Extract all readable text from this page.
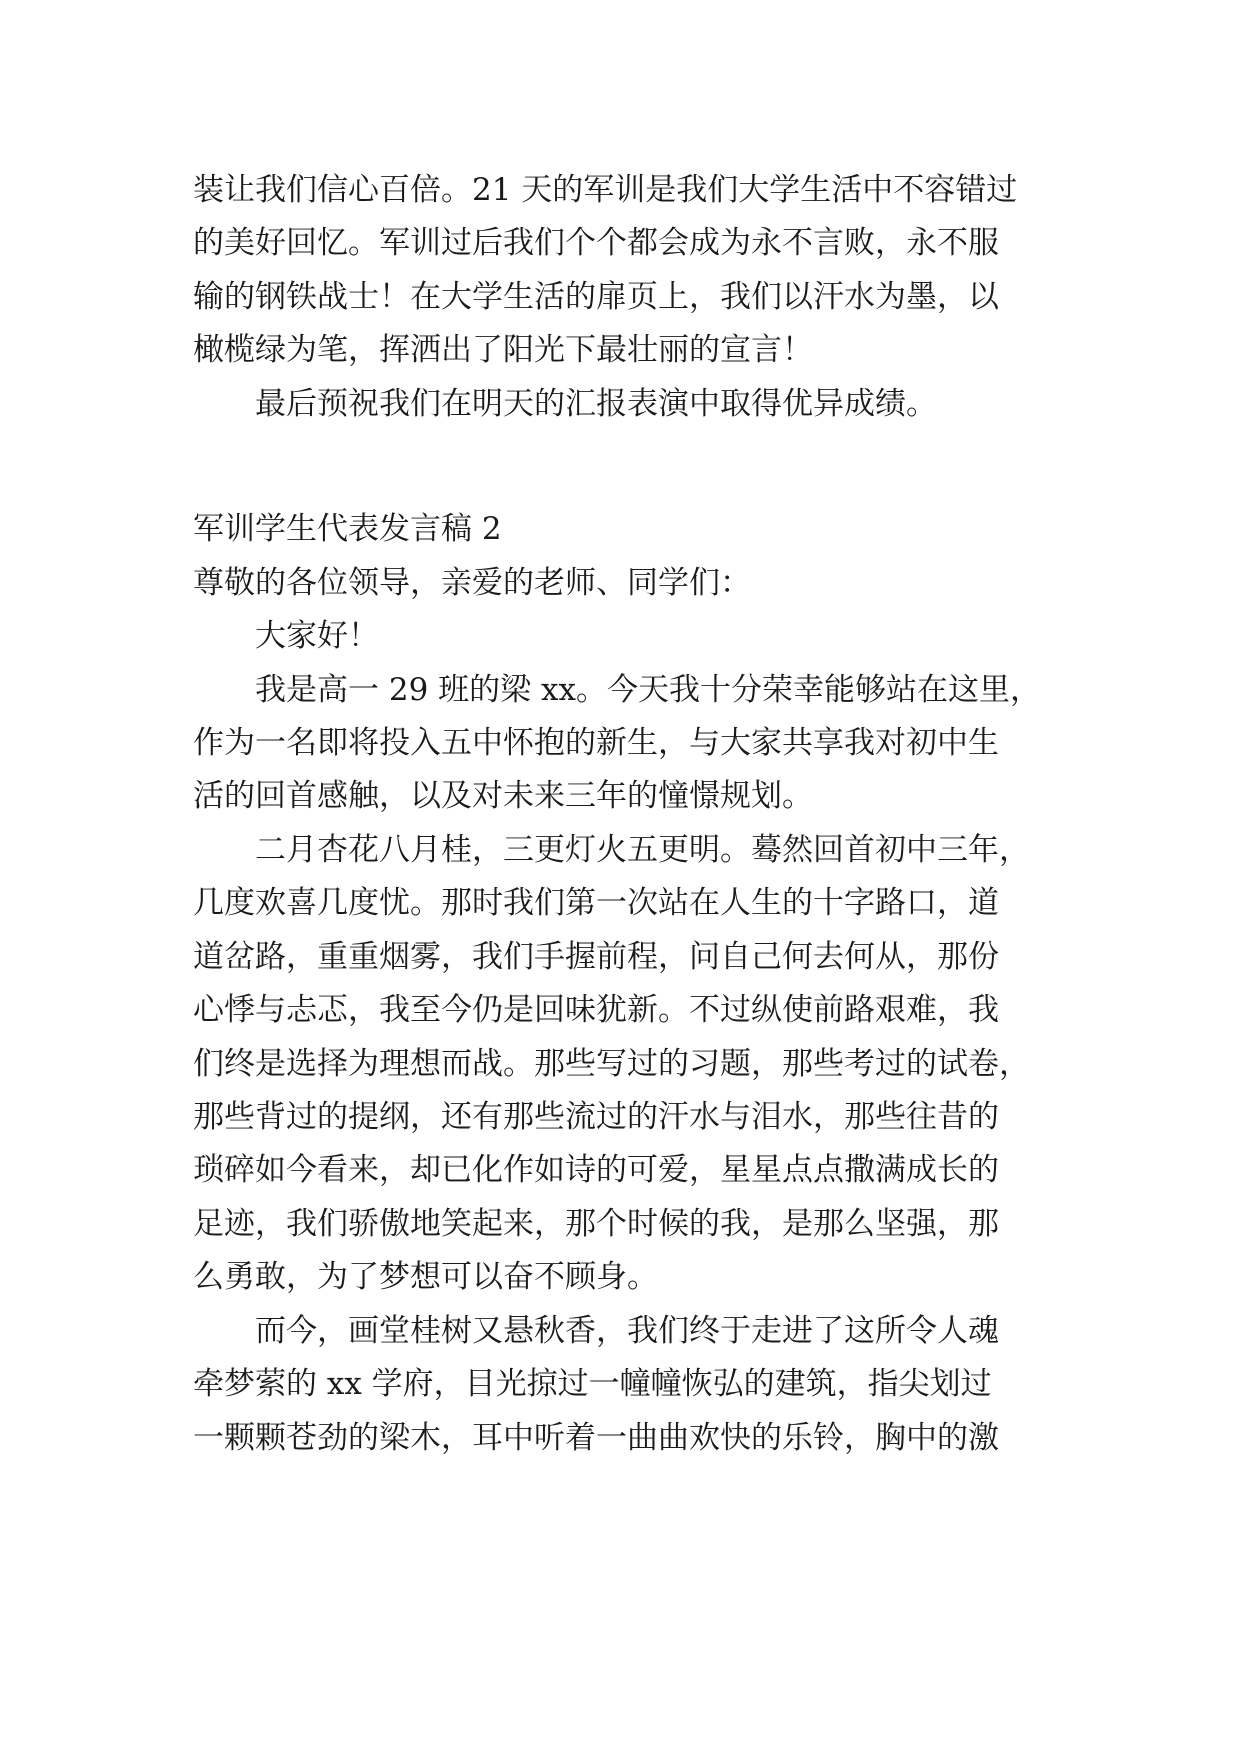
装让我们信心百倍。21 天的军训是我们大学生活中不容错过
的美好回忆。军训过后我们个个都会成为永不言败，永不服
输的钢铁战士！在大学生活的扉页上，我们以汗水为墨，以
橄榄绿为笔，挥洒出了阳光下最壮丽的宣言！
最后预祝我们在明天的汇报表演中取得优异成绩。
军训学生代表发言稿 2
尊敬的各位领导，亲爱的老师、同学们：
大家好！
我是高一 29 班的梁 xx。今天我十分荣幸能够站在这里，
作为一名即将投入五中怀抱的新生，与大家共享我对初中生
活的回首感触，以及对未来三年的憧憬规划。
二月杏花八月桂，三更灯火五更明。蓦然回首初中三年，
几度欢喜几度忧。那时我们第一次站在人生的十字路口，道
道岔路，重重烟雾，我们手握前程，问自己何去何从，那份
心悸与忐忑，我至今仍是回味犹新。不过纵使前路艰难，我
们终是选择为理想而战。那些写过的习题，那些考过的试卷，
那些背过的提纲，还有那些流过的汗水与泪水，那些往昔的
琐碎如今看来，却已化作如诗的可爱，星星点点撒满成长的
足迹，我们骄傲地笑起来，那个时候的我，是那么坚强，那
么勇敢，为了梦想可以奋不顾身。
而今，画堂桂树又悬秋香，我们终于走进了这所令人魂
牵梦萦的 xx 学府，目光掠过一幢幢恢弘的建筑，指尖划过
一颗颗苍劲的梁木，耳中听着一曲曲欢快的乐铃，胸中的激
